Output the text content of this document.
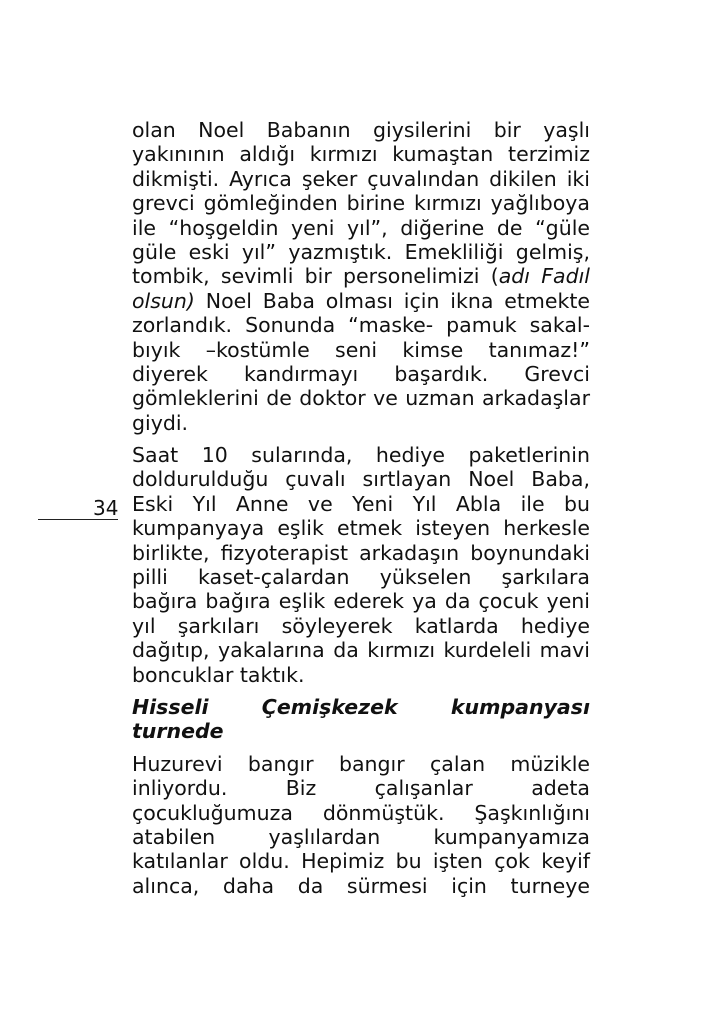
34
olan Noel Babanın giysilerini bir yaşlı
yakınının aldığı kırmızı kumaştan terzimiz
dikmişti. Ayrıca şeker çuvalından dikilen iki
grevci gömleğinden birine kırmızı yağlıboya
ile “hoşgeldin yeni yıl”, diğerine de “güle
güle eski yıl” yazmıştık. Emekliliği gelmiş,
tombik, sevimli bir personelimizi (adı Fadıl
olsun) Noel Baba olması için ikna etmekte
zorlandık. Sonunda “maske- pamuk sakal-
bıyık –kostümle seni kimse tanımaz!”
diyerek kandırmayı başardık. Grevci
gömleklerini de doktor ve uzman arkadaşlar
giydi.
Saat 10 sularında, hediye paketlerinin
doldurulduğu çuvalı sırtlayan Noel Baba,
Eski Yıl Anne ve Yeni Yıl Abla ile bu
kumpanyaya eşlik etmek isteyen herkesle
birlikte, fizyoterapist arkadaşın boynundaki
pilli kaset-çalardan yükselen şarkılara
bağıra bağıra eşlik ederek ya da çocuk yeni
yıl şarkıları söyleyerek katlarda hediye
dağıtıp, yakalarına da kırmızı kurdeleli mavi
boncuklar taktık.
Hisseli Çemişkezek kumpanyası
turnede
Huzurevi bangır bangır çalan müzikle
inliyordu. Biz çalışanlar adeta
çocukluğumuza dönmüştük. Şaşkınlığını
atabilen yaşlılardan kumpanyamıza
katılanlar oldu. Hepimiz bu işten çok keyif
alınca, daha da sürmesi için turneye
